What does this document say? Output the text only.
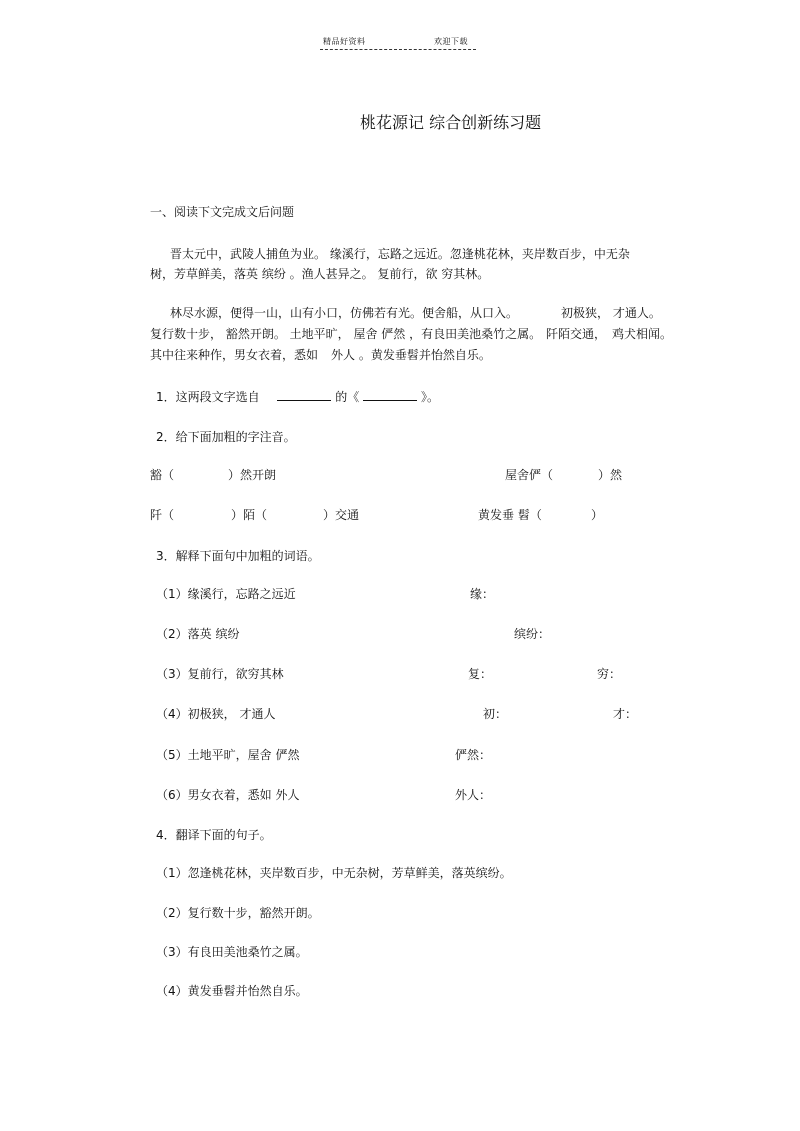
精品好资料	欢迎下载
桃花源记 综合创新练习题
一、阅读下文完成文后问题
晋太元中，武陵人捕鱼为业。 缘溪行，忘路之远近。忽逢桃花林，夹岸数百步，中无杂
树，芳草鲜美，落英 缤纷 。渔人甚异之。 复前行，欲 穷其林。
林尽水源，便得一山，山有小口，仿佛若有光。便舍船，从口入。	初极狭， 才通人。
复行数十步， 豁然开朗。 土地平旷， 屋舍 俨然 ，有良田美池桑竹之属。 阡陌交通， 鸡犬相闻。
其中往来种作，男女衣着，悉如 外人 。黄发垂髫并怡然自乐。
1．这两段文字选自	的《	》。
2．给下面加粗的字注音。
豁（	）然开朗	屋舍俨（	）然
阡（	）陌（	）交通	黄发垂 髫（	）
3．解释下面句中加粗的词语。
（1）缘溪行，忘路之远近	缘：
（2）落英 缤纷	缤纷：
（3）复前行，欲穷其林	复：	穷：
（4）初极狭， 才通人	初：	才：
（5）土地平旷，屋舍 俨然	俨然：
（6）男女衣着，悉如 外人	外人：
4．翻译下面的句子。
（1）忽逢桃花林，夹岸数百步，中无杂树，芳草鲜美，落英缤纷。
（2）复行数十步，豁然开朗。
（3）有良田美池桑竹之属。
（4）黄发垂髫并怡然自乐。
